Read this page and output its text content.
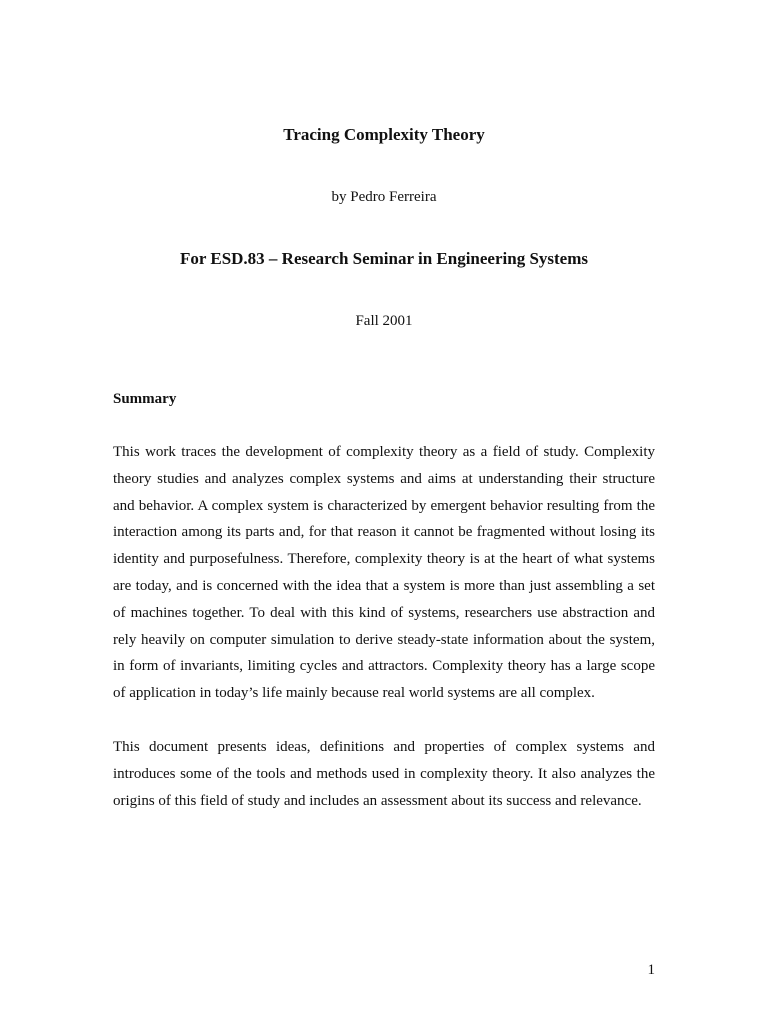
Tracing Complexity Theory
by Pedro Ferreira
For ESD.83 – Research Seminar in Engineering Systems
Fall 2001
Summary

This work traces the development of complexity theory as a field of study. Complexity theory studies and analyzes complex systems and aims at understanding their structure and behavior. A complex system is characterized by emergent behavior resulting from the interaction among its parts and, for that reason it cannot be fragmented without losing its identity and purposefulness. Therefore, complexity theory is at the heart of what systems are today, and is concerned with the idea that a system is more than just assembling a set of machines together. To deal with this kind of systems, researchers use abstraction and rely heavily on computer simulation to derive steady-state information about the system, in form of invariants, limiting cycles and attractors. Complexity theory has a large scope of application in today’s life mainly because real world systems are all complex.

This document presents ideas, definitions and properties of complex systems and introduces some of the tools and methods used in complexity theory. It also analyzes the origins of this field of study and includes an assessment about its success and relevance.

1
